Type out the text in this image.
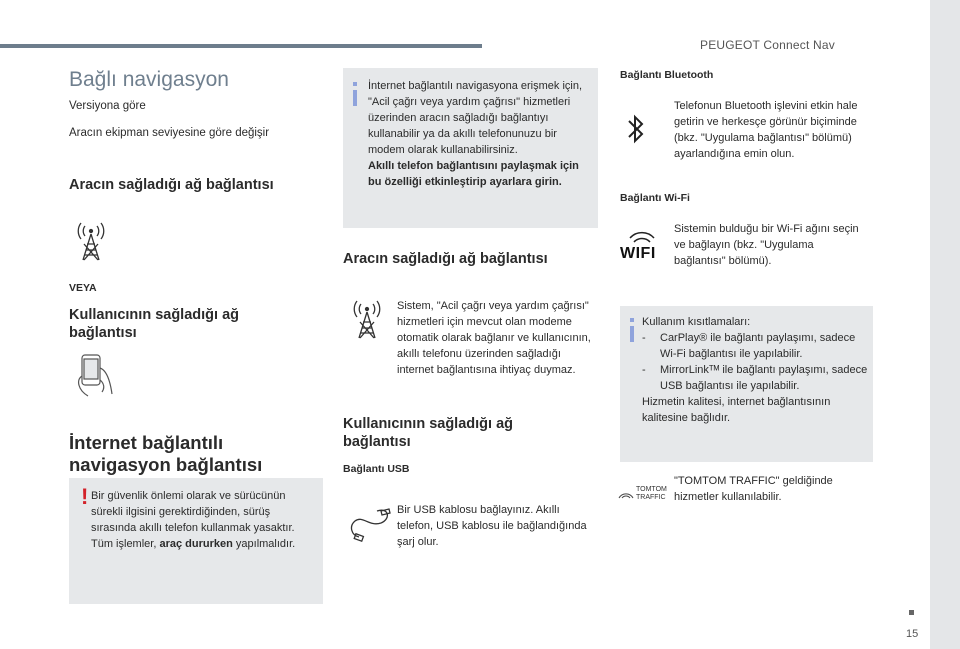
PEUGEOT Connect Nav
Bağlı navigasyon
Versiyona göre
Aracın ekipman seviyesine göre değişir
Aracın sağladığı ağ bağlantısı
VEYA
Kullanıcının sağladığı ağ bağlantısı
İnternet bağlantılı navigasyon bağlantısı
! Bir güvenlik önlemi olarak ve sürücünün sürekli ilgisini gerektirdiğinden, sürüş sırasında akıllı telefon kullanmak yasaktır. Tüm işlemler, araç dururken yapılmalıdır.
İnternet bağlantılı navigasyona erişmek için, "Acil çağrı veya yardım çağrısı" hizmetleri üzerinden aracın sağladığı bağlantıyı kullanabilir ya da akıllı telefonunuzu bir modem olarak kullanabilirsiniz.
Akıllı telefon bağlantısını paylaşmak için bu özelliği etkinleştirip ayarlara girin.
Aracın sağladığı ağ bağlantısı
Sistem, "Acil çağrı veya yardım çağrısı" hizmetleri için mevcut olan modeme otomatik olarak bağlanır ve kullanıcının, akıllı telefonu üzerinden sağladığı internet bağlantısına ihtiyaç duymaz.
Kullanıcının sağladığı ağ bağlantısı
Bağlantı USB
Bir USB kablosu bağlayınız. Akıllı telefon, USB kablosu ile bağlandığında şarj olur.
Bağlantı Bluetooth
Telefonun Bluetooth işlevini etkin hale getirin ve herkesçe görünür biçiminde (bkz. "Uygulama bağlantısı" bölümü) ayarlandığına emin olun.
Bağlantı Wi-Fi
WIFI
Sistemin bulduğu bir Wi-Fi ağını seçin ve bağlayın (bkz. "Uygulama bağlantısı" bölümü).
Kullanım kısıtlamaları:
- CarPlay® ile bağlantı paylaşımı, sadece Wi-Fi bağlantısı ile yapılabilir.
- MirrorLinkᵀᴹ ile bağlantı paylaşımı, sadece USB bağlantısı ile yapılabilir.
Hizmetin kalitesi, internet bağlantısının kalitesine bağlıdır.
TOMTOM
TRAFFIC
"TOMTOM TRAFFIC" geldiğinde hizmetler kullanılabilir.
15
